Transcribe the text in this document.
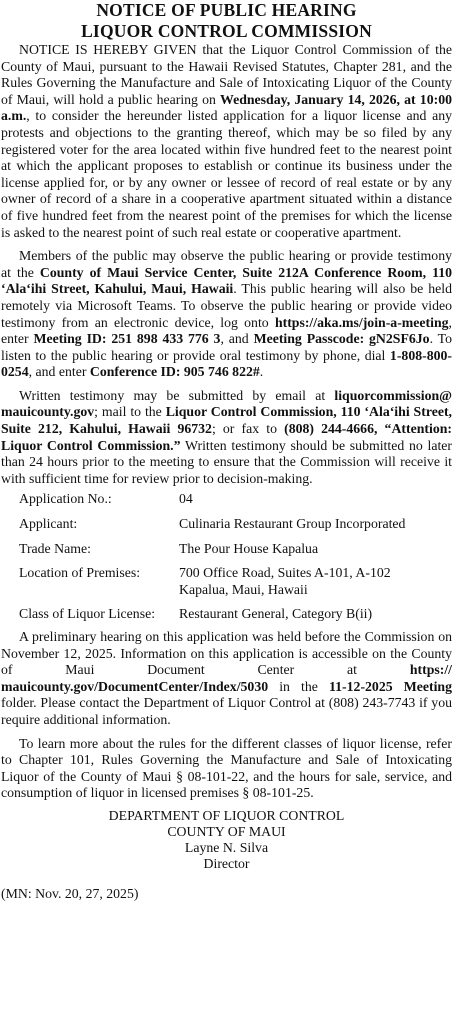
NOTICE OF PUBLIC HEARING
LIQUOR CONTROL COMMISSION

NOTICE IS HEREBY GIVEN that the Liquor Control Commission of the County of Maui, pursuant to the Hawaii Revised Statutes, Chapter 281, and the Rules Governing the Manufacture and Sale of Intoxicating Liquor of the County of Maui, will hold a public hearing on Wednesday, January 14, 2026, at 10:00 a.m., to consider the hereunder listed application for a liquor license and any protests and objections to the granting thereof, which may be so filed by any registered voter for the area located within five hundred feet to the nearest point at which the applicant proposes to establish or continue its business under the license applied for, or by any owner or lessee of record of real estate or by any owner of record of a share in a cooperative apartment situated within a distance of five hundred feet from the nearest point of the premises for which the license is asked to the nearest point of such real estate or cooperative apartment.

Members of the public may observe the public hearing or provide testimony at the County of Maui Service Center, Suite 212A Conference Room, 110 ‘Ala‘ihi Street, Kahului, Maui, Hawaii. This public hearing will also be held remotely via Microsoft Teams. To observe the public hearing or provide video testimony from an electronic device, log onto https://aka.ms/join-a-meeting, enter Meeting ID: 251 898 433 776 3, and Meeting Passcode: gN2SF6Jo. To listen to the public hearing or provide oral testimony by phone, dial 1-808-800-0254, and enter Conference ID: 905 746 822#.

Written testimony may be submitted by email at liquorcommission@ mauicounty.gov; mail to the Liquor Control Commission, 110 ‘Ala‘ihi Street, Suite 212, Kahului, Hawaii 96732; or fax to (808) 244-4666, “Attention: Liquor Control Commission.” Written testimony should be submitted no later than 24 hours prior to the meeting to ensure that the Commission will receive it with sufficient time for review prior to decision-making.

Application No.:	04
Applicant:	Culinaria Restaurant Group Incorporated
Trade Name:	The Pour House Kapalua
Location of Premises:	700 Office Road, Suites A-101, A-102
Kapalua, Maui, Hawaii

Class of Liquor License:	Restaurant General, Category B(ii)

A preliminary hearing on this application was held before the Commission on November 12, 2025. Information on this application is accessible on the County of Maui Document Center at https:// mauicounty.gov/DocumentCenter/Index/5030 in the 11-12-2025 Meeting folder. Please contact the Department of Liquor Control at (808) 243-7743 if you require additional information.

To learn more about the rules for the different classes of liquor license, refer to Chapter 101, Rules Governing the Manufacture and Sale of Intoxicating Liquor of the County of Maui § 08-101-22, and the hours for sale, service, and consumption of liquor in licensed premises § 08-101-25.

DEPARTMENT OF LIQUOR CONTROL
COUNTY OF MAUI
Layne N. Silva
Director
(MN: Nov. 20, 27, 2025)
